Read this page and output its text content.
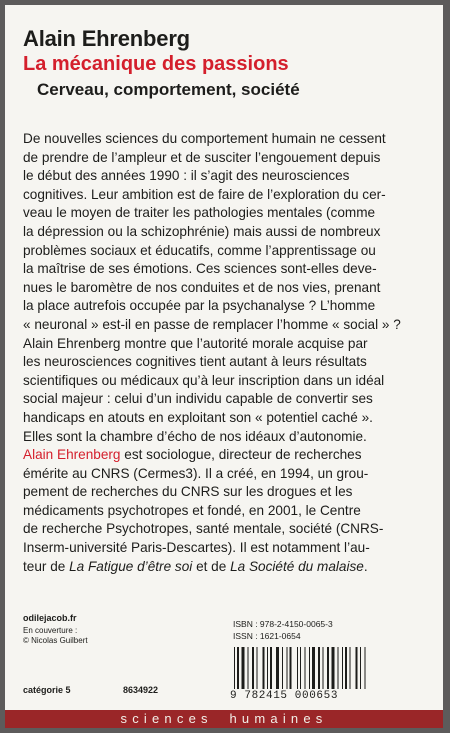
Alain Ehrenberg
La mécanique des passions
Cerveau, comportement, société
De nouvelles sciences du comportement humain ne cessent
de prendre de l’ampleur et de susciter l’engouement depuis
le début des années 1990 : il s’agit des neurosciences
cognitives. Leur ambition est de faire de l’exploration du cer-
veau le moyen de traiter les pathologies mentales (comme
la dépression ou la schizophrénie) mais aussi de nombreux
problèmes sociaux et éducatifs, comme l’apprentissage ou
la maîtrise de ses émotions. Ces sciences sont-elles deve-
nues le baromètre de nos conduites et de nos vies, prenant
la place autrefois occupée par la psychanalyse ? L’homme
« neuronal » est-il en passe de remplacer l’homme « social » ?
Alain Ehrenberg montre que l’autorité morale acquise par
les neurosciences cognitives tient autant à leurs résultats
scientifiques ou médicaux qu’à leur inscription dans un idéal
social majeur : celui d’un individu capable de convertir ses
handicaps en atouts en exploitant son « potentiel caché ».
Elles sont la chambre d’écho de nos idéaux d’autonomie.
Alain Ehrenberg est sociologue, directeur de recherches
émérite au CNRS (Cermes3). Il a créé, en 1994, un grou-
pement de recherches du CNRS sur les drogues et les
médicaments psychotropes et fondé, en 2001, le Centre
de recherche Psychotropes, santé mentale, société (CNRS-
Inserm-université Paris-Descartes). Il est notamment l’au-
teur de La Fatigue d’être soi et de La Société du malaise.
odilejacob.fr
En couverture :
© Nicolas Guilbert
catégorie 5	8634922
ISBN : 978-2-4150-0065-3
ISSN : 1621-0654
9 782415 000653
sciences humaines
